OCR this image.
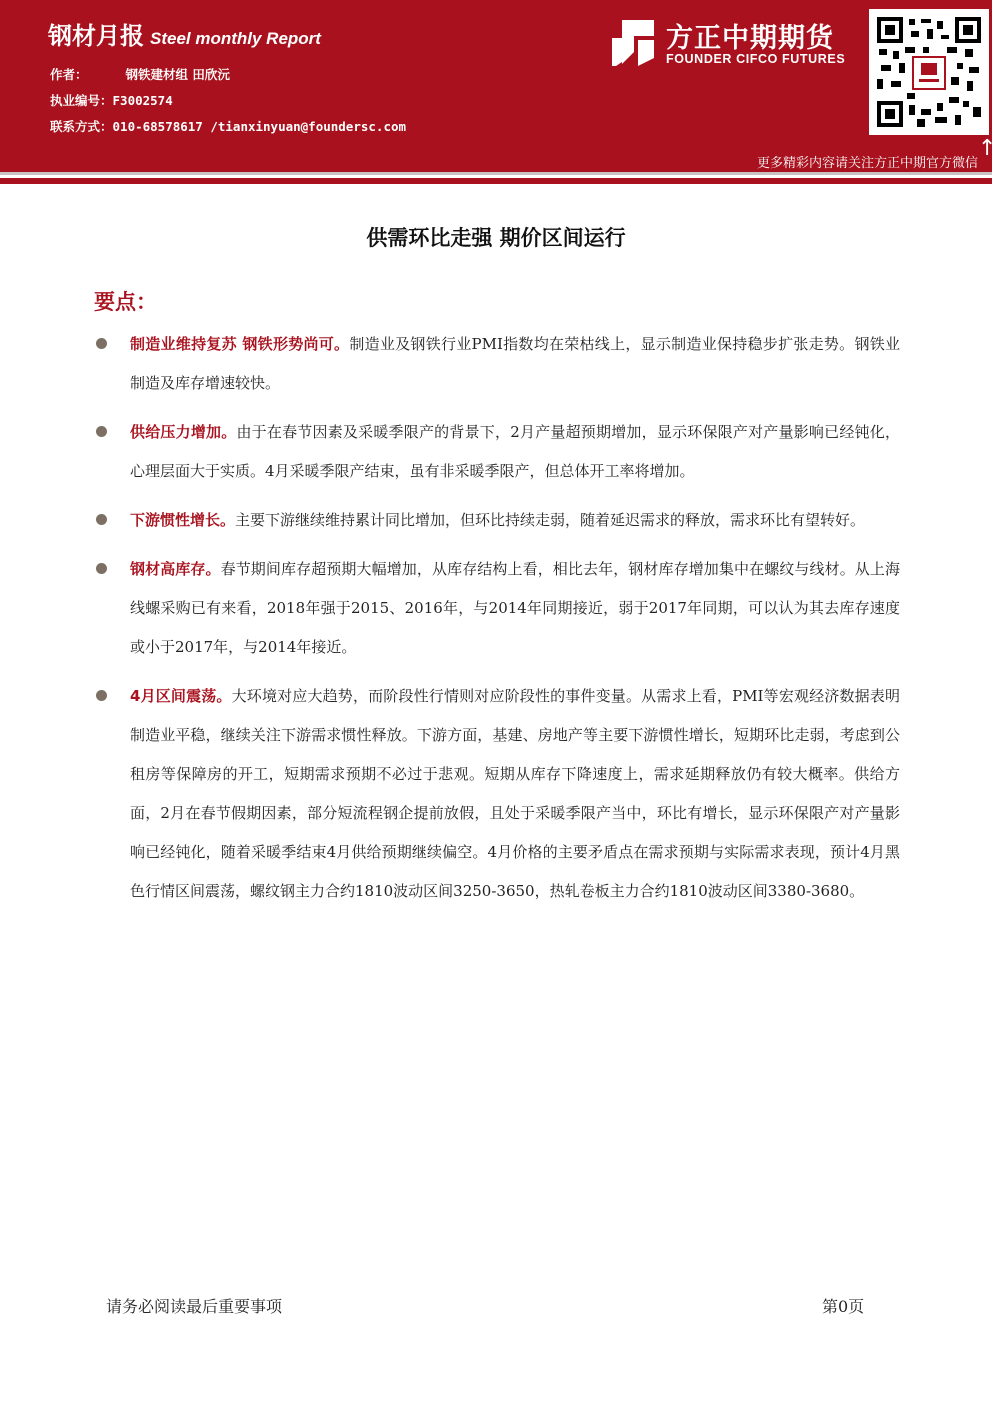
钢材月报 Steel monthly Report
作者：	钢铁建材组 田欣沅
执业编号：F3002574
联系方式：010-68578617 /tianxinyuan@foundersc.com
方正中期期货
FOUNDER CIFCO FUTURES
↑
更多精彩内容请关注方正中期官方微信
供需环比走强 期价区间运行
要点：
制造业维持复苏 钢铁形势尚可。制造业及钢铁行业PMI指数均在荣枯线上，显示制造业保持稳步扩张走势。钢铁业制造及库存增速较快。
供给压力增加。由于在春节因素及采暖季限产的背景下，2月产量超预期增加，显示环保限产对产量影响已经钝化，心理层面大于实质。4月采暖季限产结束，虽有非采暖季限产，但总体开工率将增加。
下游惯性增长。主要下游继续维持累计同比增加，但环比持续走弱，随着延迟需求的释放，需求环比有望转好。
钢材高库存。春节期间库存超预期大幅增加，从库存结构上看，相比去年，钢材库存增加集中在螺纹与线材。从上海线螺采购已有来看，2018年强于2015、2016年，与2014年同期接近，弱于2017年同期，可以认为其去库存速度或小于2017年，与2014年接近。
4月区间震荡。大环境对应大趋势，而阶段性行情则对应阶段性的事件变量。从需求上看，PMI等宏观经济数据表明制造业平稳，继续关注下游需求惯性释放。下游方面，基建、房地产等主要下游惯性增长，短期环比走弱，考虑到公租房等保障房的开工，短期需求预期不必过于悲观。短期从库存下降速度上，需求延期释放仍有较大概率。供给方面，2月在春节假期因素，部分短流程钢企提前放假，且处于采暖季限产当中，环比有增长，显示环保限产对产量影响已经钝化，随着采暖季结束4月供给预期继续偏空。4月价格的主要矛盾点在需求预期与实际需求表现，预计4月黑色行情区间震荡，螺纹钢主力合约1810波动区间3250-3650，热轧卷板主力合约1810波动区间3380-3680。
请务必阅读最后重要事项	第0页
